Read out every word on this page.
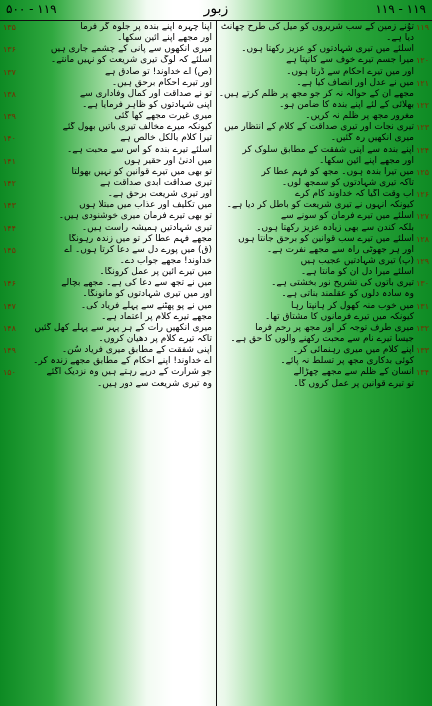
۵۰۰ - ۱۱۹	زبور	۱۱۹ - ۱۱۹
۱۱۹
توُنے زمین کے سب شریروں کو میل کی طرح چھانٹ
دیا ہے۔
اسلئے میں تیری شہادتوں کو عزیز رکھتا ہوں۔
۱۲۰
میرا جسم تیرے خوف سے کانپتا ہے
اور میں تیرے احکام سے ڈرتا ہوں۔
۱۲۱
میں نے عدل اور انصاف کیا ہے۔
مجھے اُن کے حوالہ نہ کر جو مجھ پر ظلم کرتے ہیں۔
۱۲۲
بھلائی کے لئے اپنے بندہ کا ضامن ہو۔
مغرور مجھ پر ظلم نہ کریں۔
۱۲۳
تیری نجات اور تیری صداقت کے کلام کے انتظار میں
میری آنکھیں رہ گئیں۔
۱۲۴
اپنے بندہ سے اپنی شفقت کے مطابق سلوک کر
اور مجھے اپنے آئین سکھا۔
۱۲۵
میں تیرا بندہ ہوں۔ مجھ کو فہم عطا کر
تاکہ تیری شہادتوں کو سمجھ لوں۔
۱۲۶
اب وقت آگیا کہ خداوند کام کرے
کیونکہ اُنہوں نے تیری شریعت کو باطل کر دیا ہے۔
۱۲۷
اسلئے میں تیرے فرمان کو سونے سے
بلکہ کندن سے بھی زیادہ عزیز رکھتا ہوں۔
۱۲۸
اسلئے میں تیرے سب قوانین کو برحق جانتا ہوں
اور ہر جھوٹی راہ سے مجھے نفرت ہے۔
۱۲۹
(پ) تیری شہادتیں عجیب ہیں
اسلئے میرا دل اُن کو مانتا ہے۔
۱۳۰
تیری باتوں کی تشریح نور بخشتی ہے۔
وہ سادہ دلوں کو عقلمند بناتی ہے۔
۱۳۱
میں خوب منہ کھول کر ہانپتا رہا
کیونکہ میں تیرے فرمانوں کا مشتاق تھا۔
۱۳۲
میری طرف توجہ کر اور مجھ پر رحم فرما
جیسا تیرے نام سے محبت رکھنے والوں کا حق ہے۔
۱۳۳
اپنے کلام میں میری رہنمائی کر۔
کوئی بدکاری مجھ پر تسلط نہ پائے۔
۱۳۴
انسان کے ظلم سے مجھے چھڑالے
تو تیرے قوانین پر عمل کروں گا۔
۱۳۵	اپنا چہرہ اپنے بندہ پر جلوہ گر فرما
اور مجھے اپنے آئین سکھا۔
۱۳۶	میری آنکھوں سے پانی کے چشمے جاری ہیں
اسلئے کہ لوگ تیری شریعت کو نہیں مانتے۔
۱۳۷	(ص) اے خداوند! تو صادق ہے
اور تیرے احکام برحق ہیں۔
۱۳۸	تو نے صداقت اور کمال وفاداری سے
اپنی شہادتوں کو ظاہر فرمایا ہے۔
۱۳۹	میری غیرت مجھے کھا گئی
کیونکہ میرے مخالف تیری باتیں بھول گئے
۱۴۰	تیرا کلام بالکل خالص ہے
اسلئے تیرے بندہ کو اُس سے محبت ہے۔
۱۴۱	میں ادنیٰ اور حقیر ہوں
تو بھی میں تیرے قوانین کو نہیں بھولتا
۱۴۲	تیری صداقت ابدی صداقت ہے
اور تیری شریعت برحق ہے۔
۱۴۳	میں تکلیف اور عذاب میں مبتلا ہوں
تو بھی تیرے فرمان میری خوشنودی ہیں۔
۱۴۴	تیری شہادتیں ہمیشہ راست ہیں۔
مجھے فہم عطا کر تو میں زندہ رہونگا
۱۴۵	(ق) میں پورے دل سے دعا کرتا ہوں۔ اے
خداوند! مجھے جواب دے۔
میں تیرے آئین پر عمل کرونگا۔
۱۴۶	میں نے تجھ سے دعا کی ہے۔ مجھے بچالے
اور میں تیری شہادتوں کو مانونگا۔
۱۴۷	میں نے پو پھٹنے سے پہلے فریاد کی۔
مجھے تیرے کلام پر اعتماد ہے۔
۱۴۸	میری آنکھیں رات کے ہر پہر سے پہلے کھل گئیں
تاکہ تیرے کلام پر دھیان کروں۔
۱۴۹	اپنی شفقت کے مطابق میری فریاد سُن۔
اے خداوند! اپنے احکام کے مطابق مجھے زندہ کر۔
۱۵۰	جو شرارت کے درپے رہتے ہیں وہ نزدیک آگئے
وہ تیری شریعت سے دور ہیں۔
